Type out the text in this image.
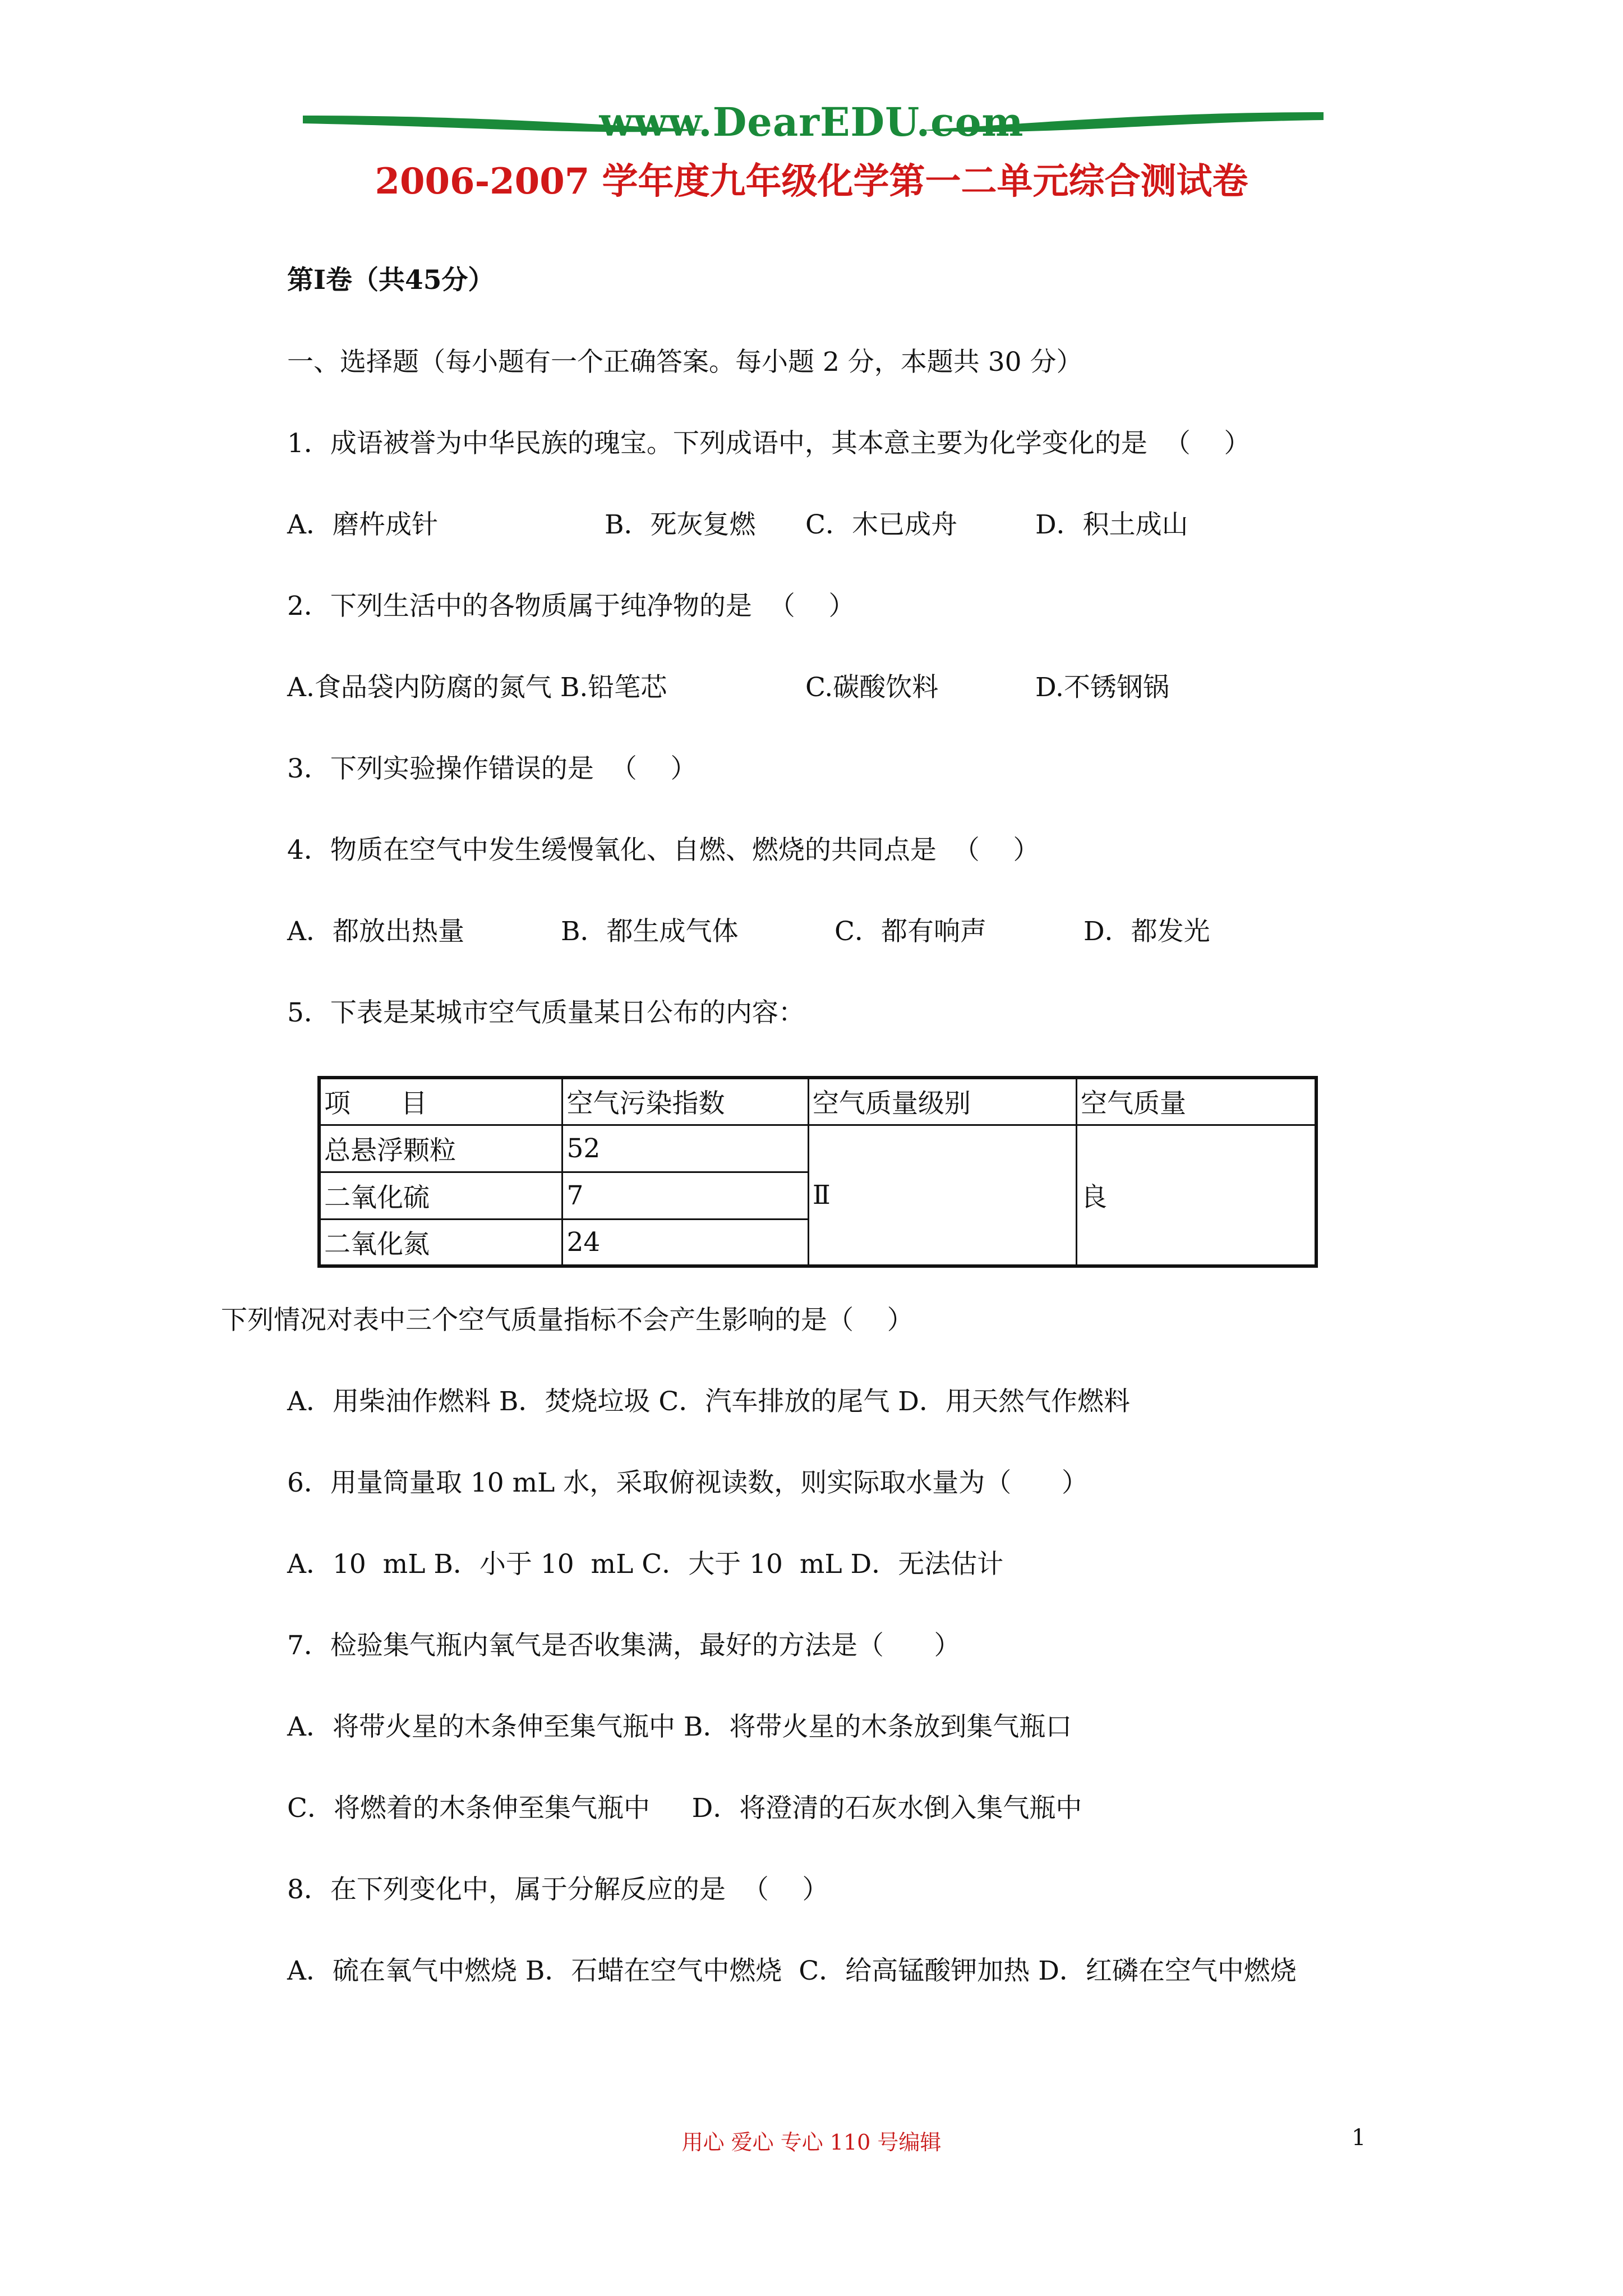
www.DearEDU.com
2006-2007 学年度九年级化学第一二单元综合测试卷
第Ⅰ卷（共45分）
一、选择题（每小题有一个正确答案。每小题 2 分，本题共 30 分）
1．成语被誉为中华民族的瑰宝。下列成语中，其本意主要为化学变化的是  （    ）
A．磨杵成针	B．死灰复燃 C．木已成舟	D．积土成山
2．下列生活中的各物质属于纯净物的是  （    ）
A.食品袋内防腐的氮气 B.铅笔芯	C.碳酸饮料	D.不锈钢锅
3．下列实验操作错误的是  （    ）
4．物质在空气中发生缓慢氧化、自燃、燃烧的共同点是  （    ）
A．都放出热量	B．都生成气体	C．都有响声	D．都发光
5．下表是某城市空气质量某日公布的内容：
项      目	空气污染指数	空气质量级别	空气质量
总悬浮颗粒	52	Ⅱ	良
二氧化硫	7		
二氧化氮	24		
下列情况对表中三个空气质量指标不会产生影响的是（    ）
A．用柴油作燃料 B．焚烧垃圾 C．汽车排放的尾气 D．用天然气作燃料
6．用量筒量取 10 mL 水，采取俯视读数，则实际取水量为（      ）
A．10  mL B．小于 10  mL C．大于 10  mL D．无法估计
7．检验集气瓶内氧气是否收集满，最好的方法是（      ）
A．将带火星的木条伸至集气瓶中 B．将带火星的木条放到集气瓶口
C．将燃着的木条伸至集气瓶中     D．将澄清的石灰水倒入集气瓶中
8．在下列变化中，属于分解反应的是  （    ）
A．硫在氧气中燃烧 B．石蜡在空气中燃烧  C．给高锰酸钾加热 D．红磷在空气中燃烧
用心 爱心 专心 110 号编辑	1
